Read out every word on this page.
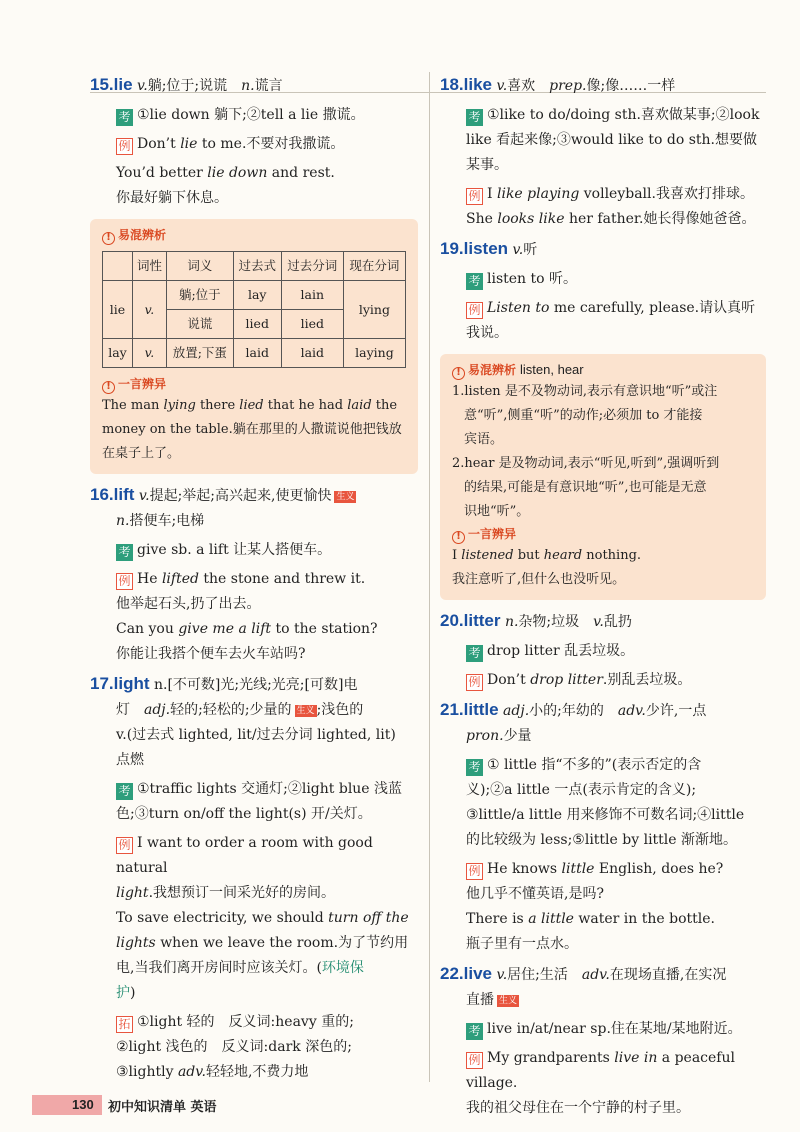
15.lie v.躺;位于;说谎　 n.谎言
考 ①lie down 躺下;②tell a lie 撒谎。
例 Don’t lie to me.不要对我撒谎。
You’d better lie down and rest.
你最好躺下休息。
! 易混辨析
	词性	词义	过去式	过去分词	现在分词
lie	v.	躺;位于	lay	lain	lying
		说谎	lied	lied	
lay	v.	放置;下蛋	laid	laid	laying
! 一言辨异

The man lying there lied that he had laid the money on the table.躺在那里的人撒谎说他把钱放在桌子上了。

16.lift v.提起;举起;高兴起来,使更愉快 生义
n.搭便车;电梯
考 give sb. a lift 让某人搭便车。
例 He lifted the stone and threw it.
他举起石头,扔了出去。
Can you give me a lift to the station?
你能让我搭个便车去火车站吗?
17.light n.[不可数]光;光线;光亮;[可数]电
灯　adj.轻的;轻松的;少量的 生义 ;浅色的
v.(过去式 lighted, lit/过去分词 lighted, lit)
点燃
考 ①traffic lights 交通灯;②light blue 浅蓝
色;③turn on/off the light(s) 开/关灯。
例 I want to order a room with good natural
light.我想预订一间采光好的房间。
To save electricity, we should turn off the
lights when we leave the room.为了节约用
电,当我们离开房间时应该关灯。(环境保
护)
拓 ①light 轻的　反义词:heavy 重的;
②light 浅色的　反义词:dark 深色的;
③lightly adv.轻轻地,不费力地
18.like v.喜欢　prep.像;像……一样
考 ①like to do/doing sth.喜欢做某事;②look
like 看起来像;③would like to do sth.想要做
某事。
例 I like playing volleyball.我喜欢打排球。
She looks like her father.她长得像她爸爸。
19.listen v.听
考 listen to 听。
例 Listen to me carefully, please.请认真听
我说。
! 易混辨析 listen, hear

1.listen 是不及物动词,表示有意识地“听”或注

意“听”,侧重“听”的动作;必须加 to 才能接

宾语。

2.hear 是及物动词,表示“听见,听到”,强调听到

的结果,可能是有意识地“听”,也可能是无意

识地“听”。

! 一言辨异

I listened but heard nothing.

我注意听了,但什么也没听见。

20.litter n.杂物;垃圾　v.乱扔
考 drop litter 乱丢垃圾。
例 Don’t drop litter.别乱丢垃圾。
21.little adj.小的;年幼的　adv.少许,一点
pron.少量
考 ① little 指“不多的”(表示否定的含
义);②a little 一点(表示肯定的含义);
③little/a little 用来修饰不可数名词;④little
的比较级为 less;⑤little by little 渐渐地。
例 He knows little English, does he?
他几乎不懂英语,是吗?
There is a little water in the bottle.
瓶子里有一点水。
22.live v.居住;生活　adv.在现场直播,在实况
直播 生义
考 live in/at/near sp.住在某地/某地附近。
例 My grandparents live in a peaceful village.
我的祖父母住在一个宁静的村子里。
130	初中知识清单 英语
